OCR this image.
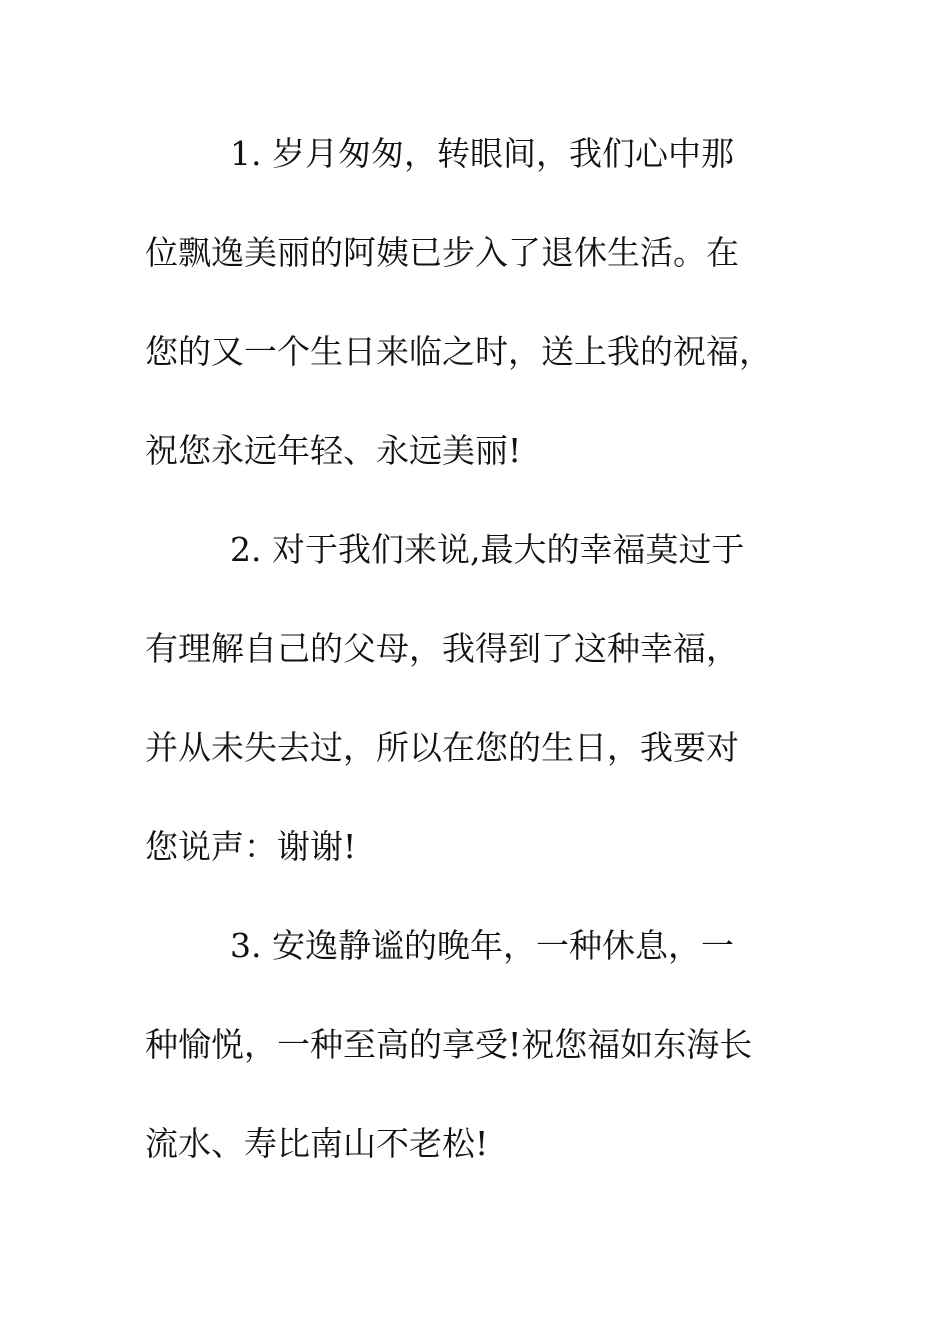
1. 岁月匆匆，转眼间，我们心中那
位飘逸美丽的阿姨已步入了退休生活。在
您的又一个生日来临之时，送上我的祝福，
祝您永远年轻、永远美丽!
2. 对于我们来说,最大的幸福莫过于
有理解自己的父母，我得到了这种幸福，
并从未失去过，所以在您的生日，我要对
您说声：谢谢!
3. 安逸静谧的晚年，一种休息，一
种愉悦，一种至高的享受!祝您福如东海长
流水、寿比南山不老松!
